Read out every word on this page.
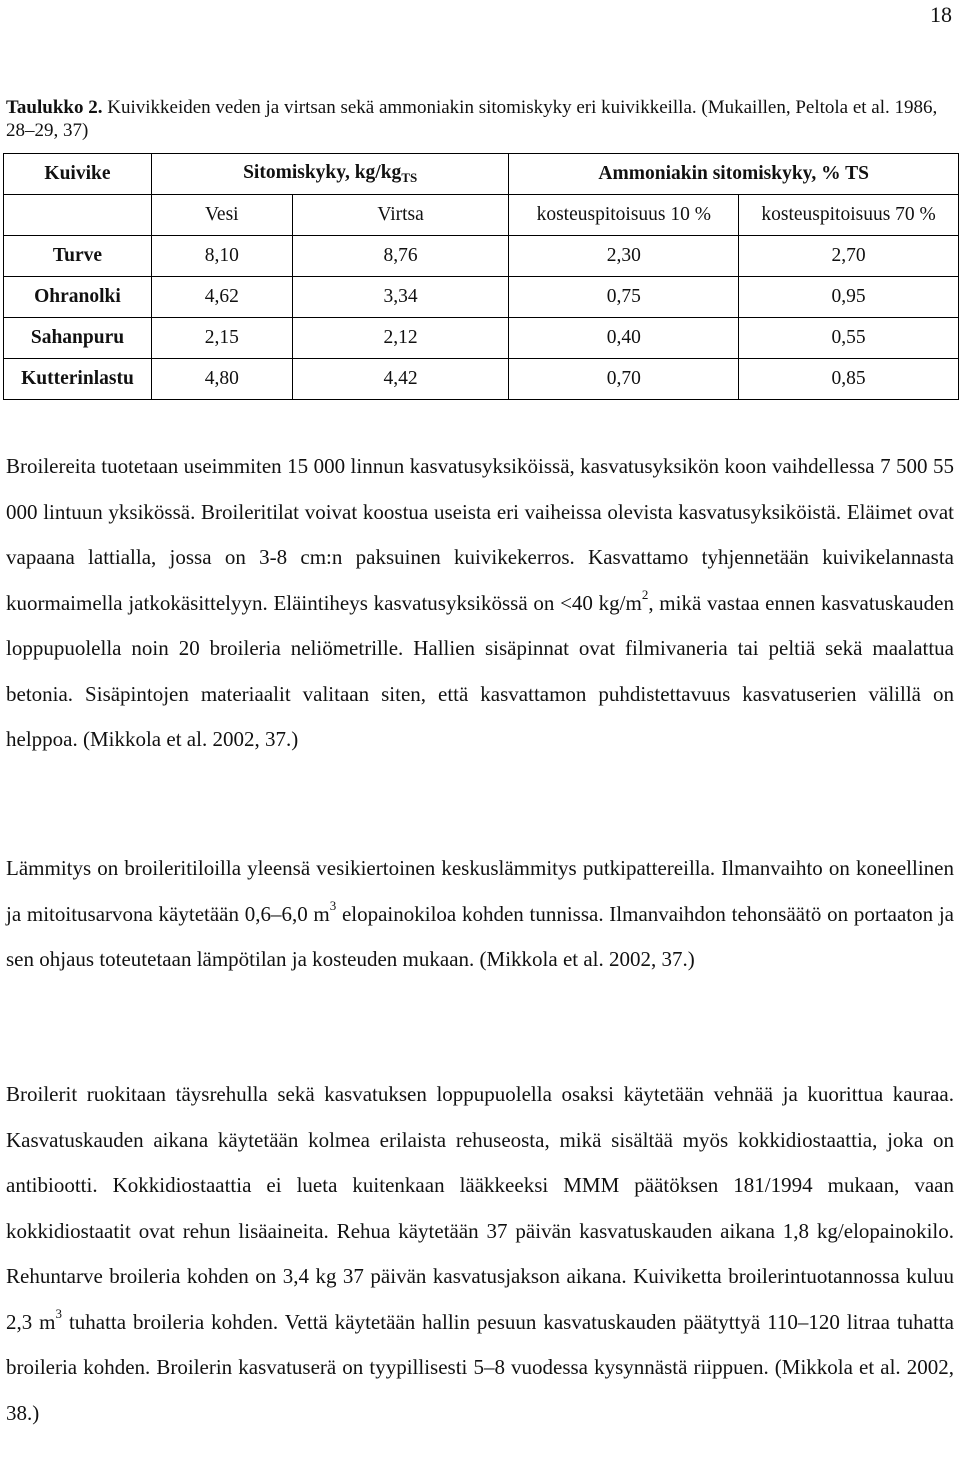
18
Taulukko 2. Kuivikkeiden veden ja virtsan sekä ammoniakin sitomiskyky eri kuivikkeilla. (Mukaillen, Peltola et al. 1986, 28–29, 37)
Kuivike	Sitomiskyky, $kg/kg_{TS}$		Ammoniakin sitomiskyky, % TS	
	Vesi	Virtsa	kosteuspitoisuus 10 %	kosteuspitoisuus 70 %
Turve	8,10	8,76	2,30	2,70
Ohranolki	4,62	3,34	0,75	0,95
Sahanpuru	2,15	2,12	0,40	0,55
Kutterinlastu	4,80	4,42	0,70	0,85

Broilereita tuotetaan useimmiten 15 000 linnun kasvatusyksiköissä, kasvatusyksikön koon vaihdellessa 7 500 55 000 lintuun yksikössä. Broileritilat voivat koostua useista eri vaiheissa olevista kasvatusyksiköistä. Eläimet ovat vapaana lattialla, jossa on 3-8 cm:n paksuinen kuivikekerros. Kasvattamo tyhjennetään kuivikelannasta kuormaimella jatkokäsittelyyn. Eläintiheys kasvatusyksikössä on <40 $kg/m^2$, mikä vastaa ennen kasvatuskauden loppupuolella noin 20 broileria neliömetrille. Hallien sisäpinnat ovat filmivaneria tai peltiä sekä maalattua betonia. Sisäpintojen materiaalit valitaan siten, että kasvattamon puhdistettavuus kasvatuserien välillä on helppoa. (Mikkola et al. 2002, 37.)

Lämmitys on broileritiloilla yleensä vesikiertoinen keskuslämmitys putkipattereilla. Ilmanvaihto on koneellinen ja mitoitusarvona käytetään 0,6–6,0 $m^3$ elopainokiloa kohden tunnissa. Ilmanvaihdon tehonsäätö on portaaton ja sen ohjaus toteutetaan lämpötilan ja kosteuden mukaan. (Mikkola et al. 2002, 37.)

Broilerit ruokitaan täysrehulla sekä kasvatuksen loppupuolella osaksi käytetään vehnää ja kuorittua kauraa. Kasvatuskauden aikana käytetään kolmea erilaista rehuseosta, mikä sisältää myös kokkidiostaattia, joka on antibiootti. Kokkidiostaattia ei lueta kuitenkaan lääkkeeksi MMM päätöksen 181/1994 mukaan, vaan kokkidiostaatit ovat rehun lisäaineita. Rehua käytetään 37 päivän kasvatuskauden aikana 1,8 kg/elopainokilo. Rehuntarve broileria kohden on 3,4 kg 37 päivän kasvatusjakson aikana. Kuiviketta broilerintuotannossa kuluu 2,3 $m^3$ tuhatta broileria kohden. Vettä käytetään hallin pesuun kasvatuskauden päätyttyä 110–120 litraa tuhatta broileria kohden. Broilerin kasvatuserä on tyypillisesti 5–8 vuodessa kysynnästä riippuen. (Mikkola et al. 2002, 38.)
